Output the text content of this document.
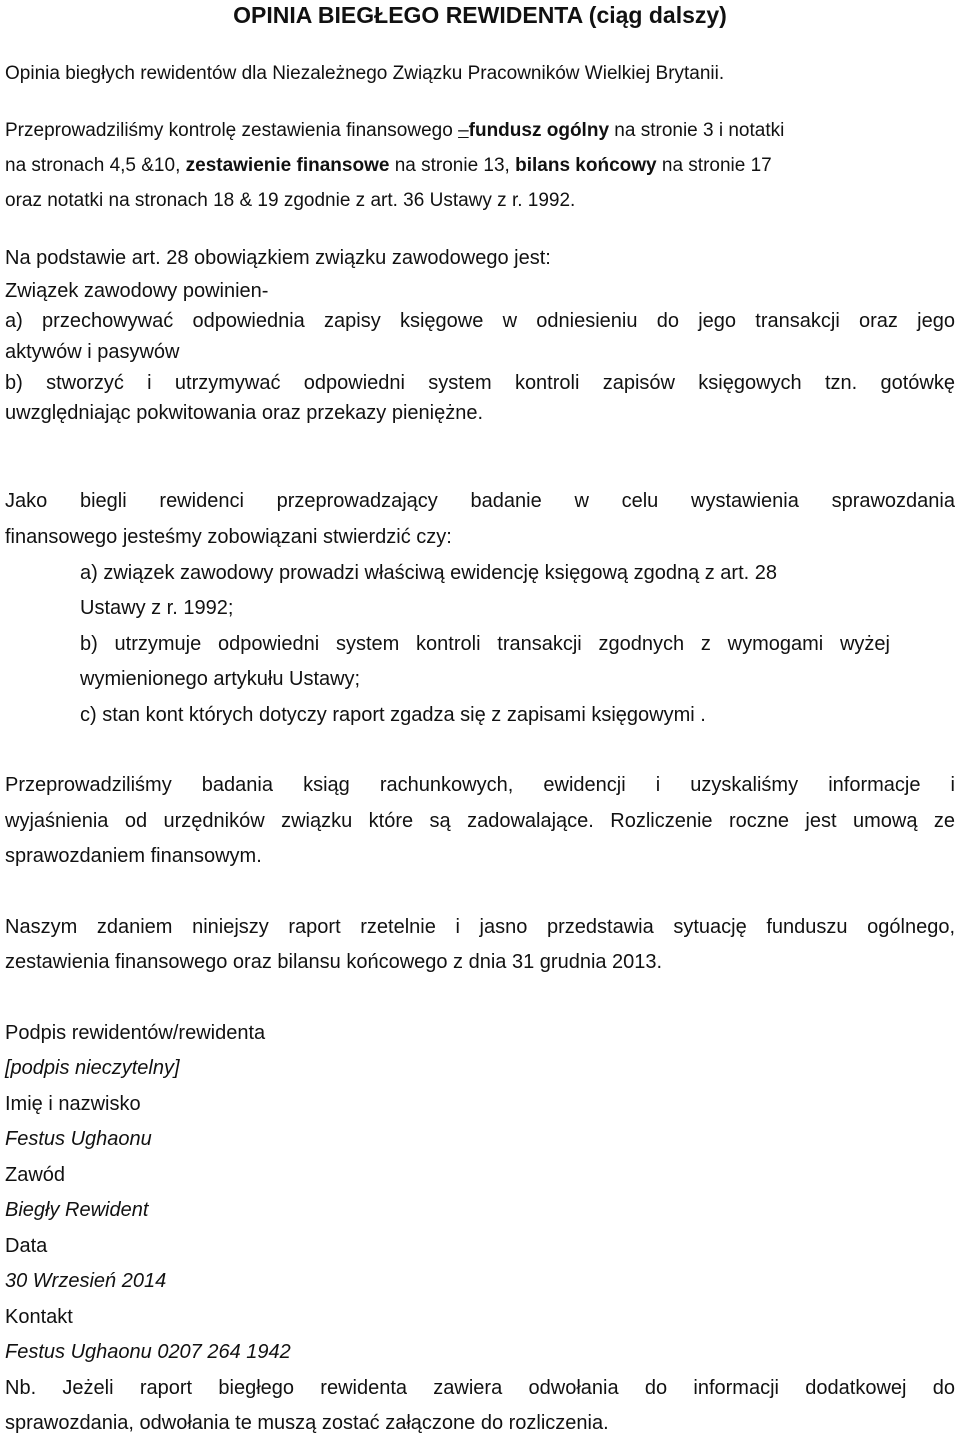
OPINIA BIEGŁEGO REWIDENTA (ciąg dalszy)

Opinia biegłych rewidentów dla Niezależnego Związku Pracowników Wielkiej Brytanii.

Przeprowadziliśmy kontrolę zestawienia finansowego –fundusz ogólny na stronie 3 i notatki

na stronach 4,5 &10, zestawienie finansowe na stronie 13, bilans końcowy na stronie 17

oraz notatki na stronach 18 & 19 zgodnie z art. 36 Ustawy z r. 1992.

Na podstawie art. 28 obowiązkiem związku zawodowego jest:

Związek zawodowy powinien-

a) przechowywać odpowiednia zapisy księgowe w odniesieniu do jego transakcji oraz jego

aktywów i pasywów

b) stworzyć i utrzymywać odpowiedni system kontroli zapisów księgowych tzn. gotówkę

uwzględniając pokwitowania oraz przekazy pieniężne.

Jako biegli rewidenci przeprowadzający badanie w celu wystawienia sprawozdania

finansowego jesteśmy zobowiązani stwierdzić czy:

a) związek zawodowy prowadzi właściwą ewidencję księgową zgodną z art. 28

Ustawy z r. 1992;

b) utrzymuje odpowiedni system kontroli transakcji zgodnych z wymogami wyżej

wymienionego artykułu Ustawy;

c) stan kont których dotyczy raport zgadza się z zapisami księgowymi .

Przeprowadziliśmy badania ksiąg rachunkowych, ewidencji i uzyskaliśmy informacje i

wyjaśnienia od urzędników związku które są zadowalające. Rozliczenie roczne jest umową ze

sprawozdaniem finansowym.

Naszym zdaniem niniejszy raport rzetelnie i jasno przedstawia sytuację funduszu ogólnego,

zestawienia finansowego oraz bilansu końcowego z dnia 31 grudnia 2013.

Podpis rewidentów/rewidenta

[podpis nieczytelny]

Imię i nazwisko

Festus Ughaonu

Zawód

Biegły Rewident

Data

30 Wrzesień 2014

Kontakt

Festus Ughaonu 0207 264 1942

Nb. Jeżeli raport biegłego rewidenta zawiera odwołania do informacji dodatkowej do

sprawozdania, odwołania te muszą zostać załączone do rozliczenia.
